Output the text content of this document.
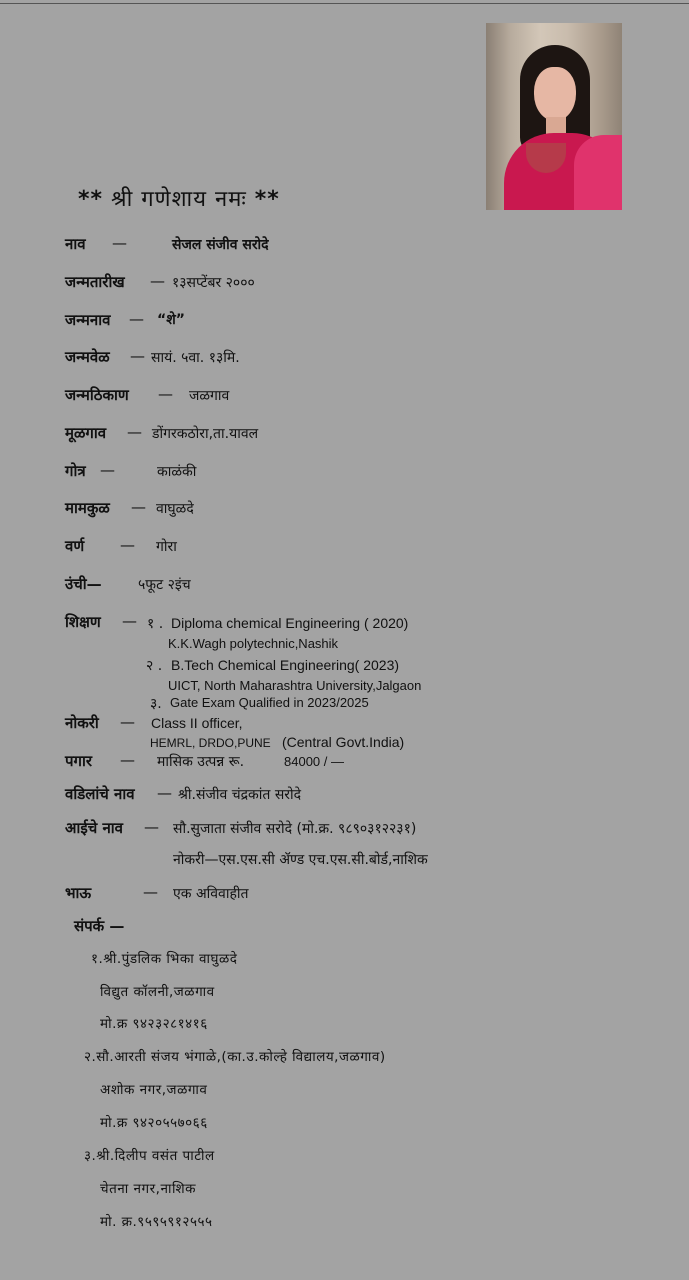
** श्री गणेशाय नमः **
नाव —	सेजल संजीव सरोदे
जन्मतारीख — १३सप्टेंबर २०००
जन्मनाव — “शे”
जन्मवेळ — सायं. ५वा. १३मि.
जन्मठिकाण — जळगाव
मूळगाव — डोंगरकठोरा,ता.यावल
गोत्र —	काळंकी
मामकुळ — वाघुळदे
वर्ण — गोरा
उंची—	५फूट २इंच
शिक्षण — १ . Diploma chemical Engineering ( 2020)
K.K.Wagh polytechnic,Nashik
२ . B.Tech Chemical Engineering( 2023)
UICT, North Maharashtra University,Jalgaon
३. Gate Exam Qualified in 2023/2025
नोकरी — Class II officer,
HEMRL, DRDO,PUNE (Central Govt.India)
पगार — मासिक उत्पन्न रू.	84000 / —
वडिलांचे नाव — श्री.संजीव चंद्रकांत सरोदे
आईचे नाव — सौ.सुजाता संजीव सरोदे (मो.क्र. ९८९०३१२२३१)
नोकरी—एस.एस.सी ॲण्ड एच.एस.सी.बोर्ड,नाशिक
भाऊ	— एक अविवाहीत
संपर्क —
१.श्री.पुंडलिक भिका वाघुळदे
विद्युत कॉलनी,जळगाव
मो.क्र ९४२३२८१४१६
२.सौ.आरती संजय भंगाळे,(का.उ.कोल्हे विद्यालय,जळगाव)
अशोक नगर,जळगाव
मो.क्र ९४२०५५७०६६
३.श्री.दिलीप वसंत पाटील
चेतना नगर,नाशिक
मो. क्र.९५९५९१२५५५
